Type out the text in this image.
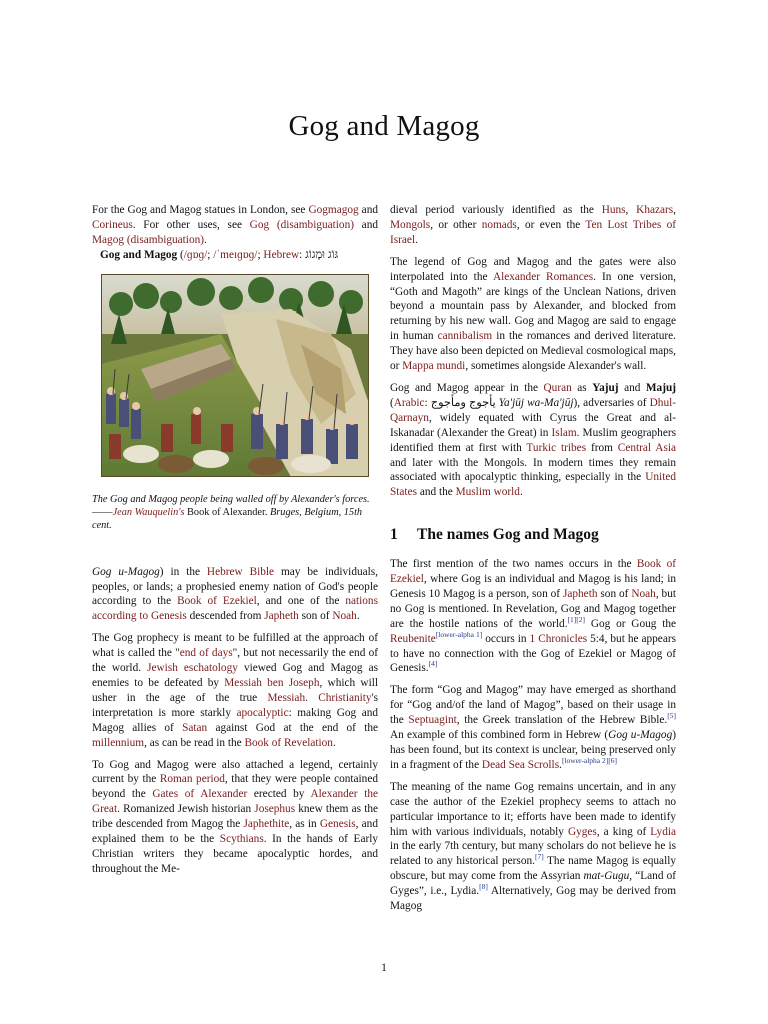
Gog and Magog

For the Gog and Magog statues in London, see Gogmagog and Corineus. For other uses, see Gog (disambiguation) and Magog (disambiguation).

Gog and Magog (/ɡɒɡ/; /ˈmeɪɡɒɡ/; Hebrew: גּוֹג וּמָגוֹג

The Gog and Magog people being walled off by Alexander's forces.
——Jean Wauquelin's Book of Alexander. Bruges, Belgium, 15th cent.

Gog u-Magog) in the Hebrew Bible may be individuals, peoples, or lands; a prophesied enemy nation of God's people according to the Book of Ezekiel, and one of the nations according to Genesis descended from Japheth son of Noah.

The Gog prophecy is meant to be fulfilled at the approach of what is called the "end of days", but not necessarily the end of the world. Jewish eschatology viewed Gog and Magog as enemies to be defeated by Messiah ben Joseph, which will usher in the age of the true Messiah. Christianity's interpretation is more starkly apocalyptic: making Gog and Magog allies of Satan against God at the end of the millennium, as can be read in the Book of Revelation.

To Gog and Magog were also attached a legend, certainly current by the Roman period, that they were people contained beyond the Gates of Alexander erected by Alexander the Great. Romanized Jewish historian Josephus knew them as the tribe descended from Magog the Japhethite, as in Genesis, and explained them to be the Scythians. In the hands of Early Christian writers they became apocalyptic hordes, and throughout the Me-

dieval period variously identified as the Huns, Khazars, Mongols, or other nomads, or even the Ten Lost Tribes of Israel.

The legend of Gog and Magog and the gates were also interpolated into the Alexander Romances. In one version, “Goth and Magoth” are kings of the Unclean Nations, driven beyond a mountain pass by Alexander, and blocked from returning by his new wall. Gog and Magog are said to engage in human cannibalism in the romances and derived literature. They have also been depicted on Medieval cosmological maps, or Mappa mundi, sometimes alongside Alexander's wall.

Gog and Magog appear in the Quran as Yajuj and Majuj (Arabic: يأجوج ومأجوج Ya'jūj wa-Ma'jūj), adversaries of Dhul-Qarnayn, widely equated with Cyrus the Great and al-Iskanadar (Alexander the Great) in Islam. Muslim geographers identified them at first with Turkic tribes from Central Asia and later with the Mongols. In modern times they remain associated with apocalyptic thinking, especially in the United States and the Muslim world.

1 The names Gog and Magog

The first mention of the two names occurs in the Book of Ezekiel, where Gog is an individual and Magog is his land; in Genesis 10 Magog is a person, son of Japheth son of Noah, but no Gog is mentioned. In Revelation, Gog and Magog together are the hostile nations of the world.[1][2] Gog or Goug the Reubenite[lower-alpha 1] occurs in 1 Chronicles 5:4, but he appears to have no connection with the Gog of Ezekiel or Magog of Genesis.[4]

The form “Gog and Magog” may have emerged as shorthand for “Gog and/of the land of Magog”, based on their usage in the Septuagint, the Greek translation of the Hebrew Bible.[5] An example of this combined form in Hebrew (Gog u-Magog) has been found, but its context is unclear, being preserved only in a fragment of the Dead Sea Scrolls.[lower-alpha 2][6]

The meaning of the name Gog remains uncertain, and in any case the author of the Ezekiel prophecy seems to attach no particular importance to it; efforts have been made to identify him with various individuals, notably Gyges, a king of Lydia in the early 7th century, but many scholars do not believe he is related to any historical person.[7] The name Magog is equally obscure, but may come from the Assyrian mat-Gugu, “Land of Gyges”, i.e., Lydia.[8] Alternatively, Gog may be derived from Magog

1
